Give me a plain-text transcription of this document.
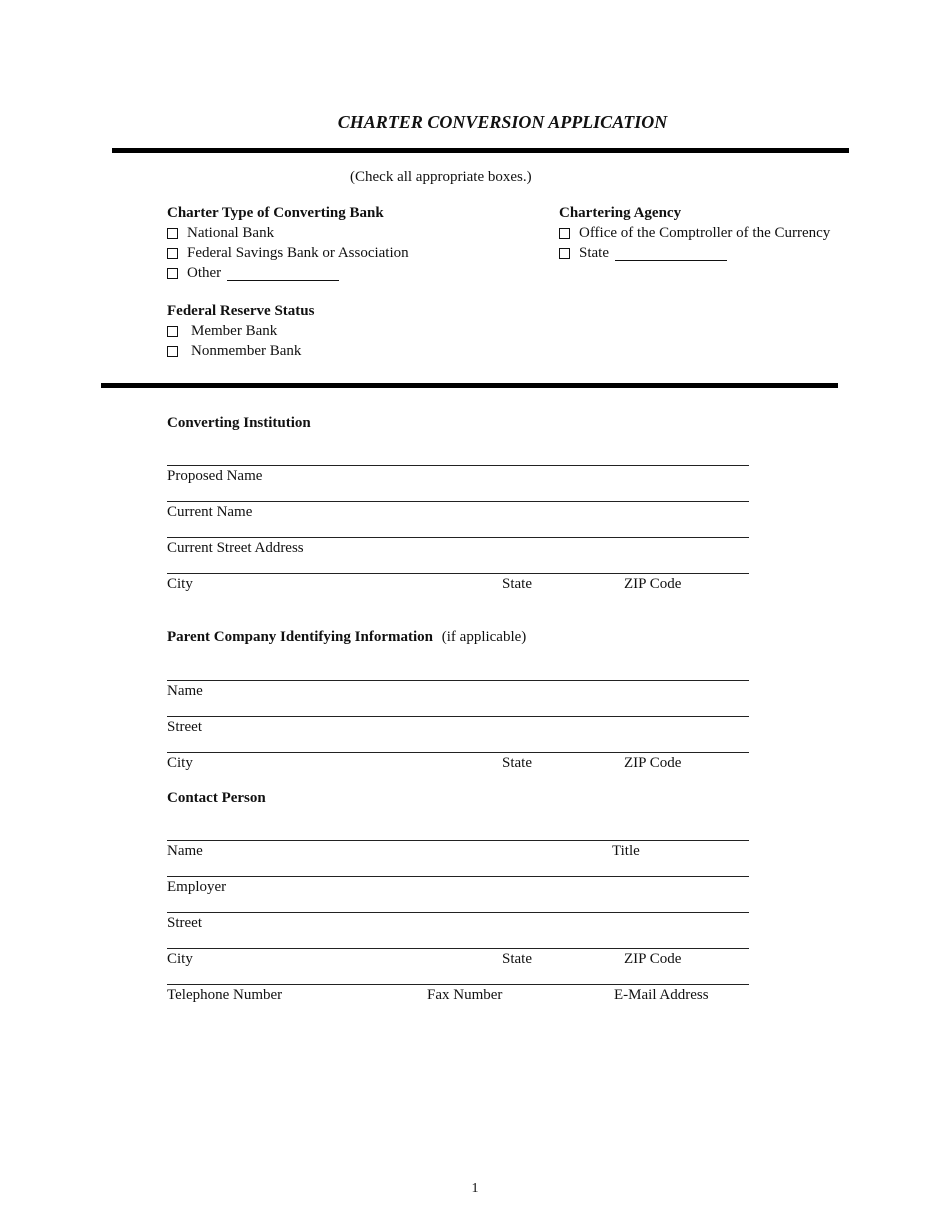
CHARTER CONVERSION APPLICATION
(Check all appropriate boxes.)
Charter Type of Converting Bank
National Bank
Federal Savings Bank or Association
Other
Chartering Agency
Office of the Comptroller of the Currency
State
Federal Reserve Status
Member Bank
Nonmember Bank
Converting Institution
Proposed Name
Current Name
Current Street Address
City	State	ZIP Code
Parent Company Identifying Information (if applicable)
Name
Street
City	State	ZIP Code
Contact Person
Name	Title
Employer
Street
City	State	ZIP Code
Telephone Number	Fax Number	E-Mail Address
1
